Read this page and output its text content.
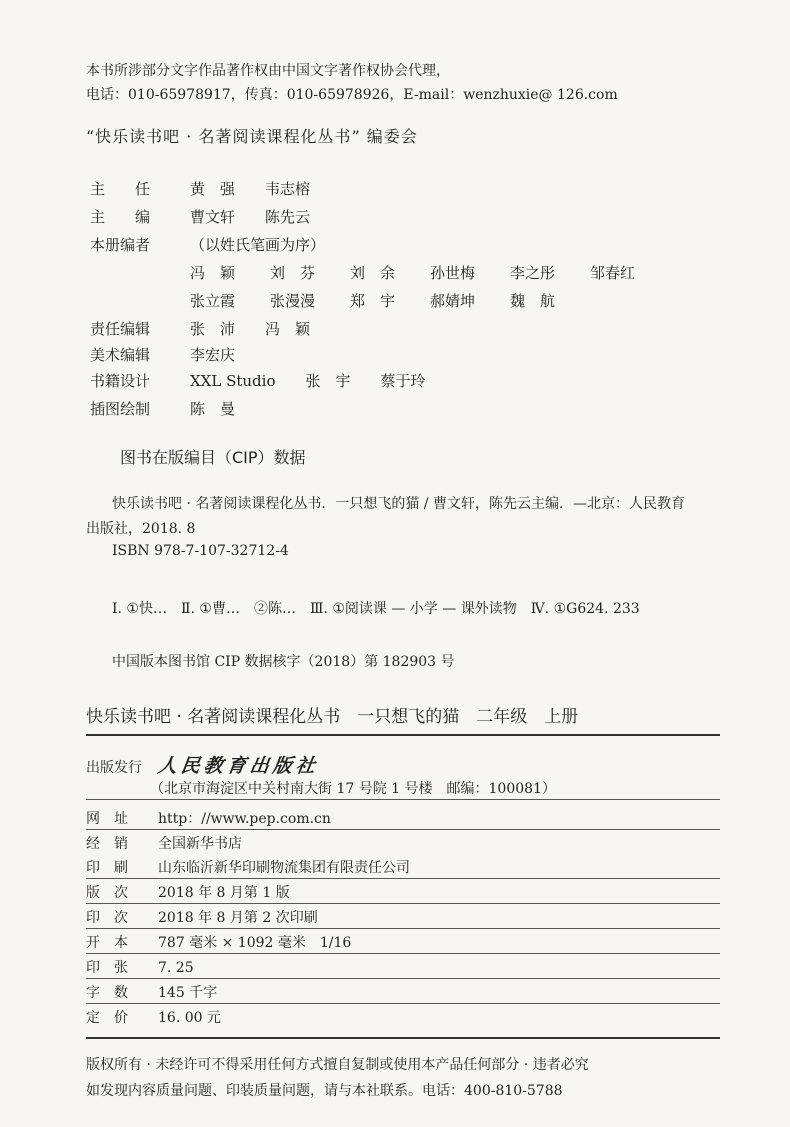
本书所涉部分文字作品著作权由中国文字著作权协会代理，
电话：010-65978917，传真：010-65978926，E-mail：wenzhuxie@ 126.com
“快乐读书吧 · 名著阅读课程化丛书” 编委会
主　　任	黄　强　　韦志榕
主　　编	曹文轩　　陈先云
本册编者	（以姓氏笔画为序）
冯　颖 刘　芬 刘　余 孙世梅 李之彤 邹春红
张立霞 张漫漫 郑　宇 郝婧坤 魏　航
责任编辑	张　沛　　冯　颖
美术编辑	李宏庆
书籍设计	XXL Studio　　张　宇　　蔡于玲
插图绘制	陈　曼
图书在版编目（CIP）数据
快乐读书吧 · 名著阅读课程化丛书．一只想飞的猫 / 曹文轩，陈先云主编．—北京：人民教育
出版社，2018. 8
ISBN 978-7-107-32712-4
Ⅰ. ①快…　Ⅱ. ①曹…　②陈…　Ⅲ. ①阅读课 — 小学 — 课外读物　Ⅳ. ①G624. 233
中国版本图书馆 CIP 数据核字（2018）第 182903 号
快乐读书吧 · 名著阅读课程化丛书　一只想飞的猫　二年级　上册
出版发行 人民教育出版社
（北京市海淀区中关村南大街 17 号院 1 号楼　邮编：100081）
网　址 http：//www.pep.com.cn
经　销 全国新华书店
印　刷 山东临沂新华印刷物流集团有限责任公司
版　次 2018 年 8 月第 1 版
印　次 2018 年 8 月第 2 次印刷
开　本 787 毫米 × 1092 毫米　1/16
印　张 7. 25
字　数 145 千字
定　价 16. 00 元
版权所有 · 未经许可不得采用任何方式擅自复制或使用本产品任何部分 · 违者必究
如发现内容质量问题、印装质量问题，请与本社联系。电话：400-810-5788
